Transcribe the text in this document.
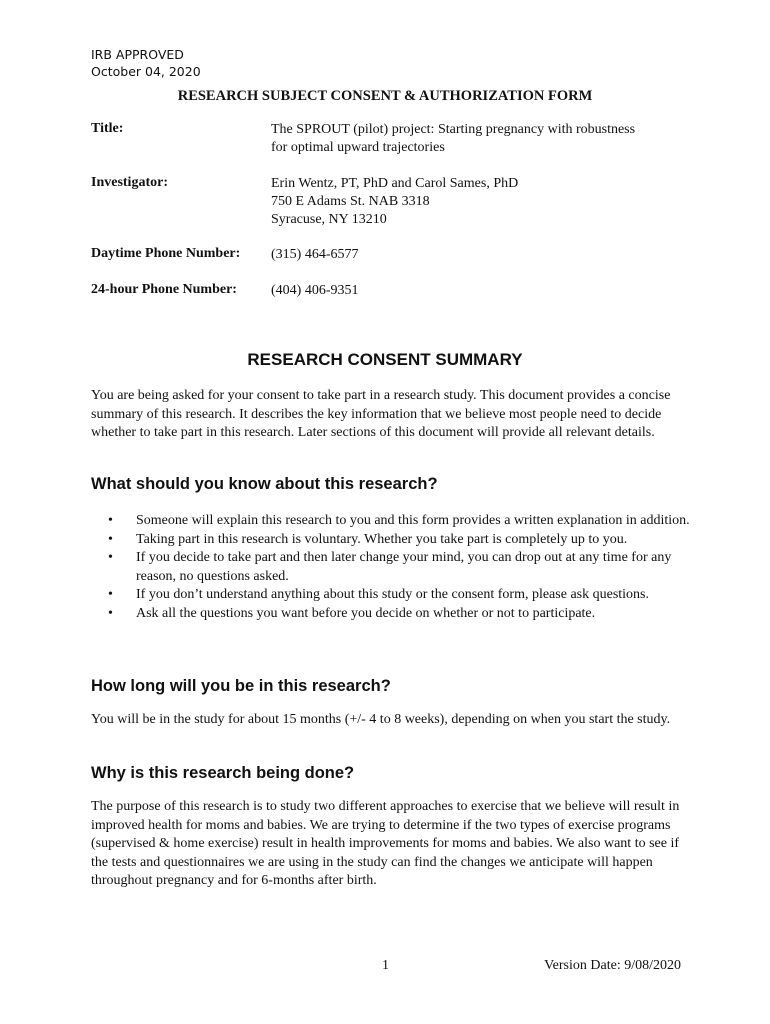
IRB APPROVED
October 04, 2020
RESEARCH SUBJECT CONSENT & AUTHORIZATION FORM
Title:	The SPROUT (pilot) project: Starting pregnancy with robustness
for optimal upward trajectories
Investigator:	Erin Wentz, PT, PhD and Carol Sames, PhD
750 E Adams St. NAB 3318
Syracuse, NY 13210
Daytime Phone Number: (315) 464-6577
24-hour Phone Number: (404) 406-9351
RESEARCH CONSENT SUMMARY
You are being asked for your consent to take part in a research study. This document provides a concise summary of this research. It describes the key information that we believe most people need to decide whether to take part in this research. Later sections of this document will provide all relevant details.
What should you know about this research?
• Someone will explain this research to you and this form provides a written explanation in addition.
• Taking part in this research is voluntary. Whether you take part is completely up to you.
• If you decide to take part and then later change your mind, you can drop out at any time for any reason, no questions asked.
• If you don’t understand anything about this study or the consent form, please ask questions.
• Ask all the questions you want before you decide on whether or not to participate.
How long will you be in this research?
You will be in the study for about 15 months (+/- 4 to 8 weeks), depending on when you start the study.
Why is this research being done?
The purpose of this research is to study two different approaches to exercise that we believe will result in improved health for moms and babies. We are trying to determine if the two types of exercise programs (supervised & home exercise) result in health improvements for moms and babies. We also want to see if the tests and questionnaires we are using in the study can find the changes we anticipate will happen throughout pregnancy and for 6-months after birth.
1	Version Date: 9/08/2020
